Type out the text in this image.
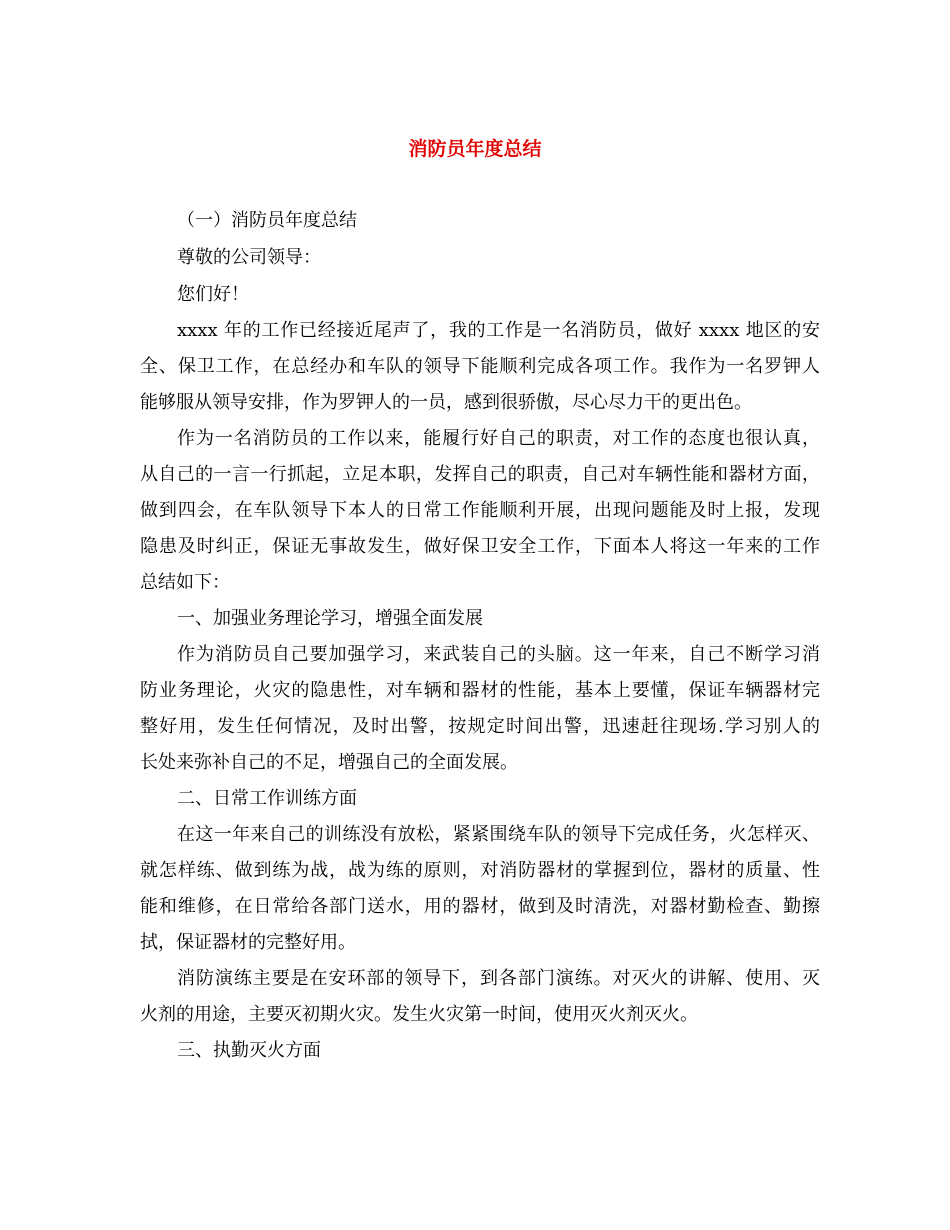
消防员年度总结
（一）消防员年度总结
尊敬的公司领导：
您们好！
xxxx 年的工作已经接近尾声了，我的工作是一名消防员，做好 xxxx 地区的安
全、保卫工作，在总经办和车队的领导下能顺利完成各项工作。我作为一名罗钾人
能够服从领导安排，作为罗钾人的一员，感到很骄傲，尽心尽力干的更出色。
作为一名消防员的工作以来，能履行好自己的职责，对工作的态度也很认真，
从自己的一言一行抓起，立足本职，发挥自己的职责，自己对车辆性能和器材方面，
做到四会，在车队领导下本人的日常工作能顺利开展，出现问题能及时上报，发现
隐患及时纠正，保证无事故发生，做好保卫安全工作，下面本人将这一年来的工作
总结如下：
一、加强业务理论学习，增强全面发展
作为消防员自己要加强学习，来武装自己的头脑。这一年来，自己不断学习消
防业务理论，火灾的隐患性，对车辆和器材的性能，基本上要懂，保证车辆器材完
整好用，发生任何情况，及时出警，按规定时间出警，迅速赶往现场.学习别人的
长处来弥补自己的不足，增强自己的全面发展。
二、日常工作训练方面
在这一年来自己的训练没有放松，紧紧围绕车队的领导下完成任务，火怎样灭、
就怎样练、做到练为战，战为练的原则，对消防器材的掌握到位，器材的质量、性
能和维修，在日常给各部门送水，用的器材，做到及时清洗，对器材勤检查、勤擦
拭，保证器材的完整好用。
消防演练主要是在安环部的领导下，到各部门演练。对灭火的讲解、使用、灭
火剂的用途，主要灭初期火灾。发生火灾第一时间，使用灭火剂灭火。
三、执勤灭火方面
